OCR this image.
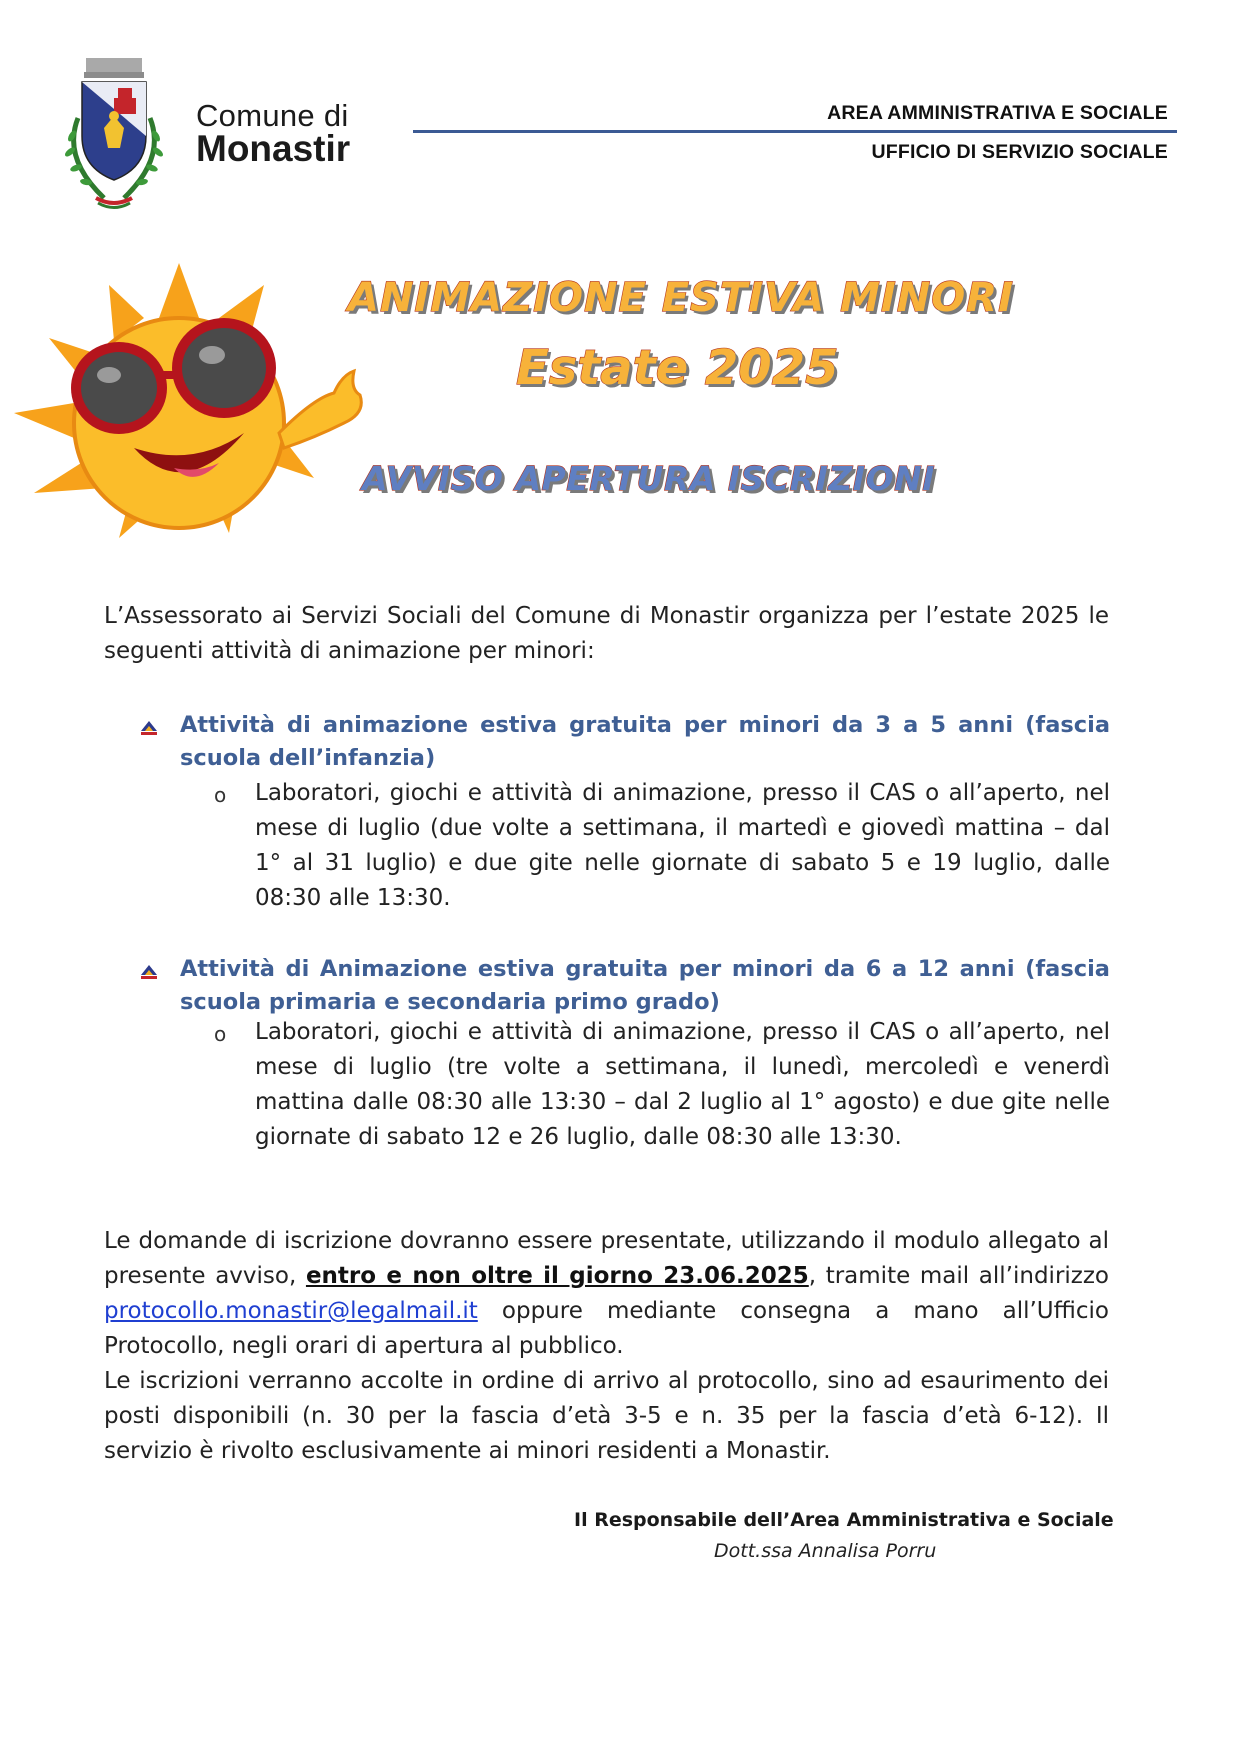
Comune di
Monastir
AREA AMMINISTRATIVA E SOCIALE
UFFICIO DI SERVIZIO SOCIALE
ANIMAZIONE ESTIVA MINORI
Estate 2025
AVVISO APERTURA ISCRIZIONI
L’Assessorato ai Servizi Sociali del Comune di Monastir organizza per l’estate 2025 le seguenti attività di animazione per minori:
Attività di animazione estiva gratuita per minori da 3 a 5 anni (fascia scuola dell’infanzia)
o Laboratori, giochi e attività di animazione, presso il CAS o all’aperto, nel mese di luglio (due volte a settimana, il martedì e giovedì mattina – dal 1° al 31 luglio) e due gite nelle giornate di sabato 5 e 19 luglio, dalle 08:30 alle 13:30.
Attività di Animazione estiva gratuita per minori da 6 a 12 anni (fascia scuola primaria e secondaria primo grado)
o Laboratori, giochi e attività di animazione, presso il CAS o all’aperto, nel mese di luglio (tre volte a settimana, il lunedì, mercoledì e venerdì mattina dalle 08:30 alle 13:30 – dal 2 luglio al 1° agosto) e due gite nelle giornate di sabato 12 e 26 luglio, dalle 08:30 alle 13:30.
Le domande di iscrizione dovranno essere presentate, utilizzando il modulo allegato al presente avviso, entro e non oltre il giorno 23.06.2025, tramite mail all’indirizzo protocollo.monastir@legalmail.it oppure mediante consegna a mano all’Ufficio Protocollo, negli orari di apertura al pubblico.
Le iscrizioni verranno accolte in ordine di arrivo al protocollo, sino ad esaurimento dei posti disponibili (n. 30 per la fascia d’età 3-5 e n. 35 per la fascia d’età 6-12). Il servizio è rivolto esclusivamente ai minori residenti a Monastir.
Il Responsabile dell’Area Amministrativa e Sociale
Dott.ssa Annalisa Porru
